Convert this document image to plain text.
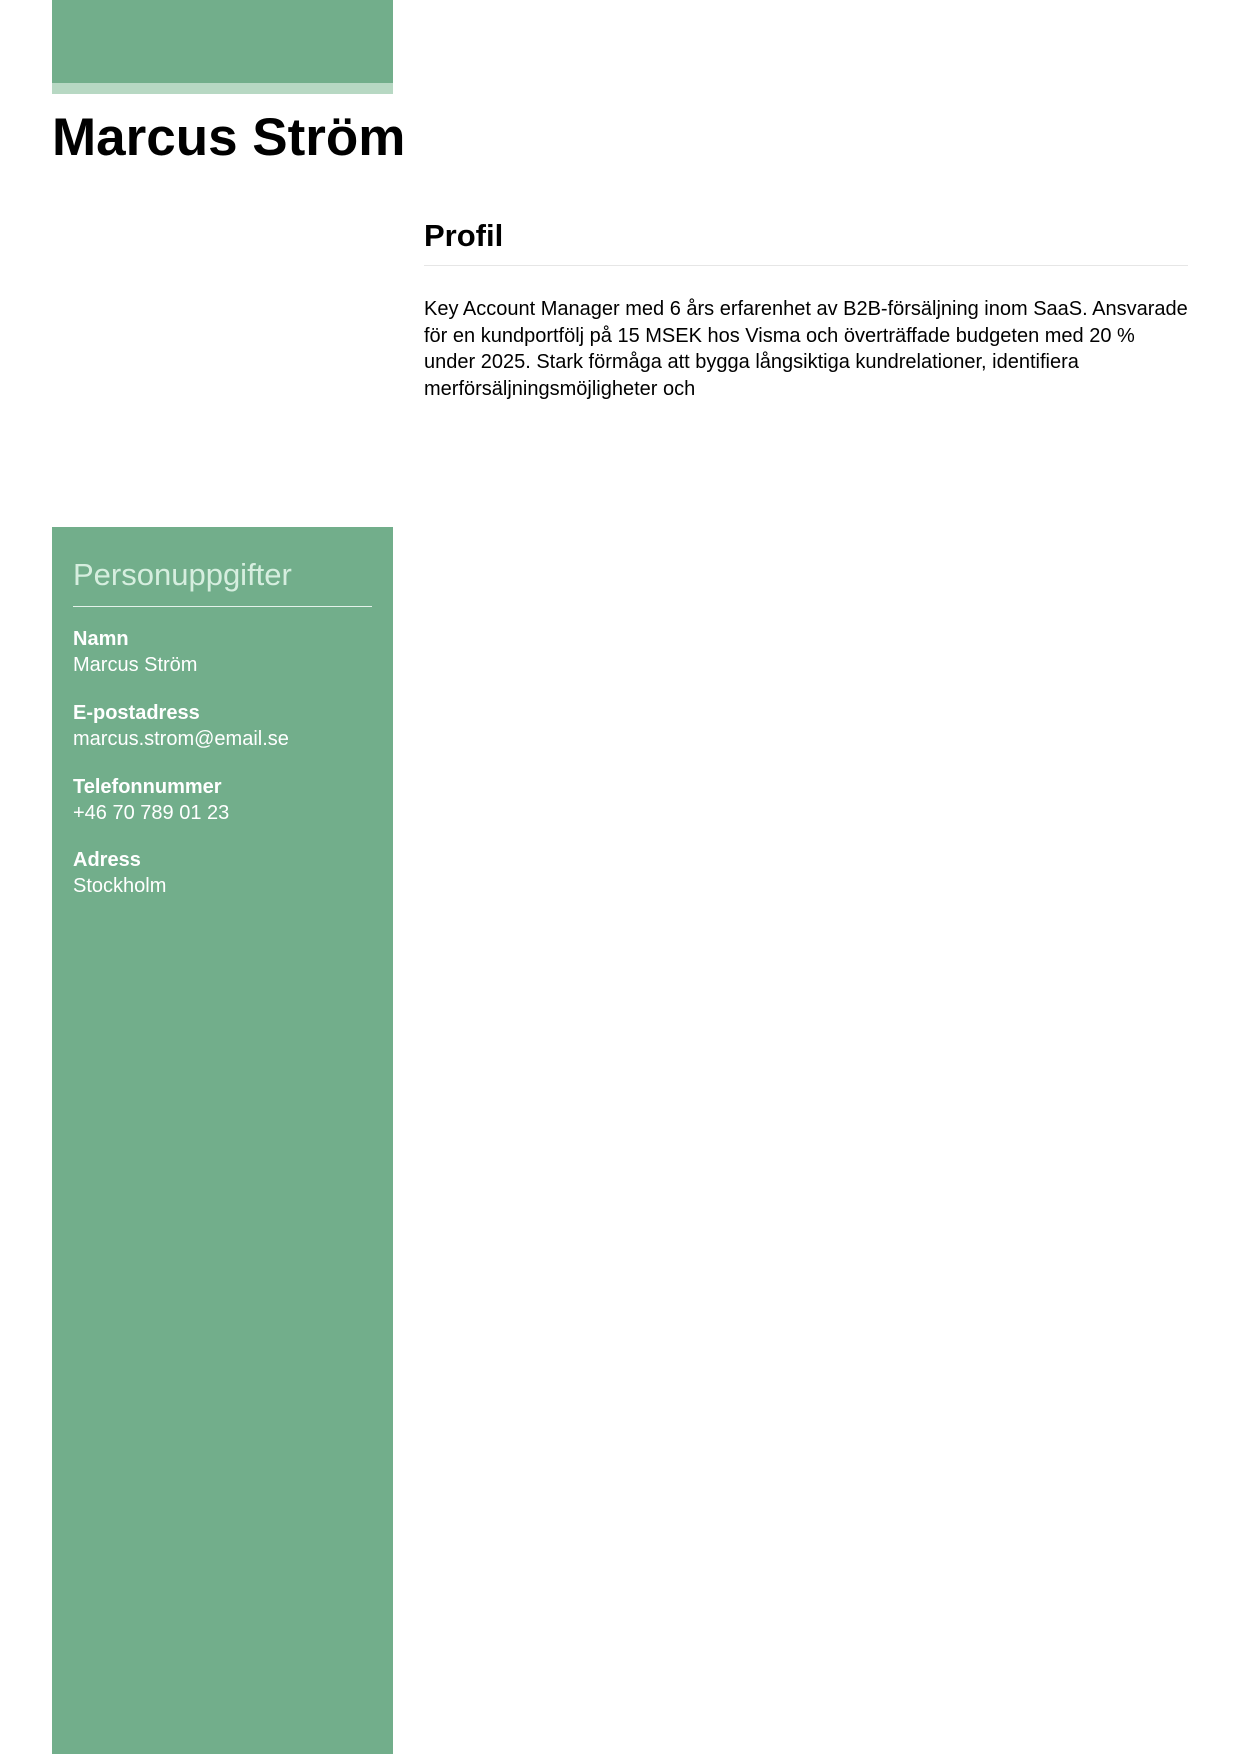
Marcus Ström
Profil

Key Account Manager med 6 års erfarenhet av B2B-försäljning inom SaaS. Ansvarade för en kundportfölj på 15 MSEK hos Visma och överträffade budgeten med 20 % under 2025. Stark förmåga att bygga långsiktiga kundrelationer, identifiera merförsäljningsmöjligheter och

Personuppgifter
Namn
Marcus Ström
E-postadress
marcus.strom@email.se
Telefonnummer
+46 70 789 01 23
Adress
Stockholm
